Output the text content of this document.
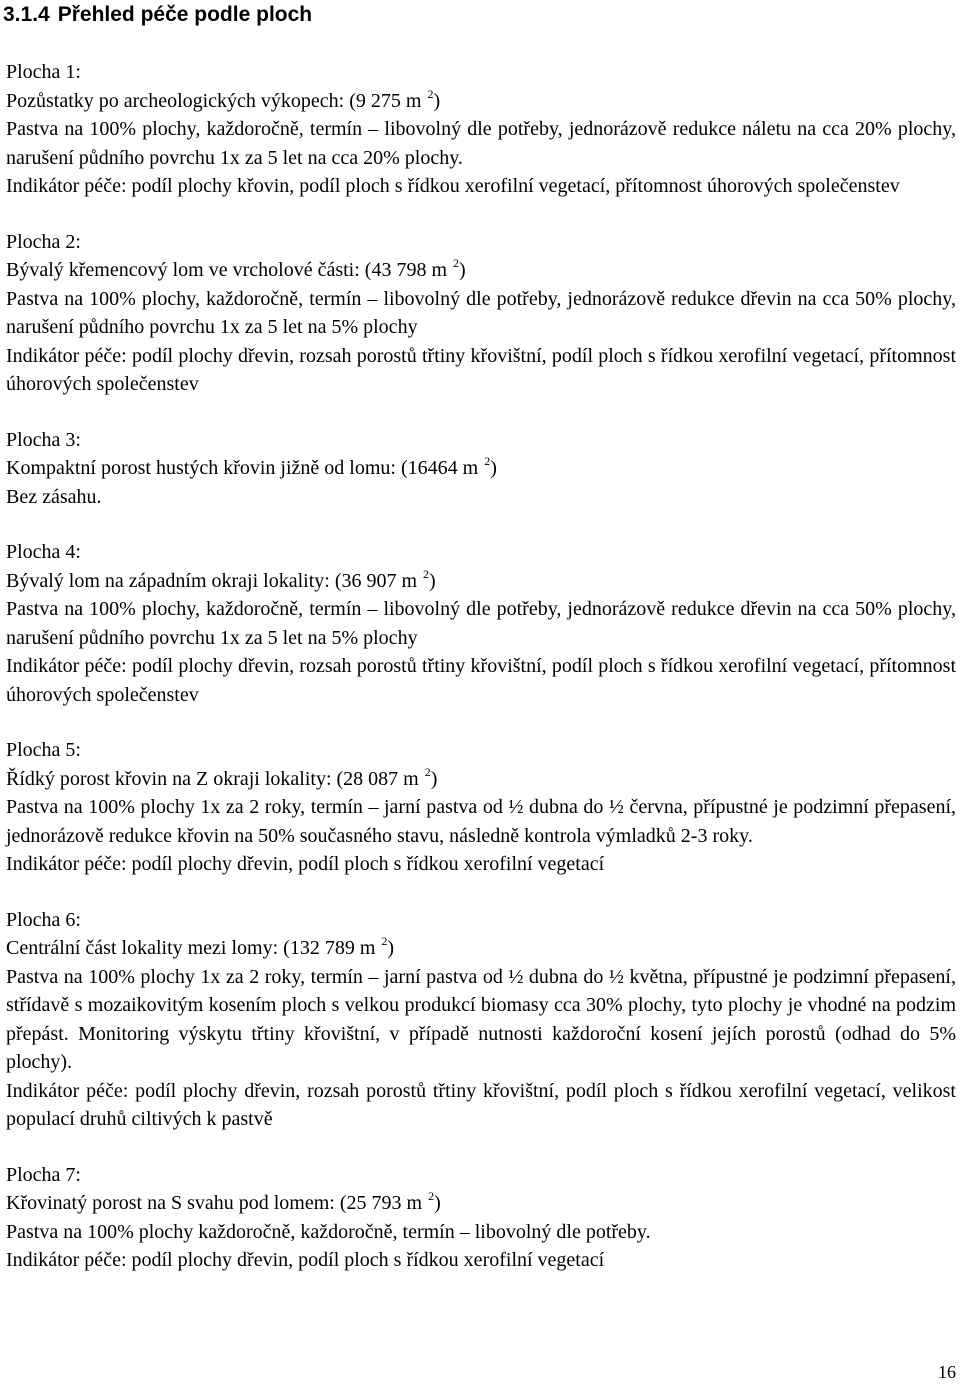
3.1.4 Přehled péče podle ploch
Plocha 1:
Pozůstatky po archeologických výkopech: (9 275 m $^2$)
Pastva na 100% plochy, každoročně, termín – libovolný dle potřeby, jednorázově redukce náletu na cca 20% plochy, narušení půdního povrchu 1x za 5 let na cca 20% plochy.
Indikátor péče: podíl plochy křovin, podíl ploch s řídkou xerofilní vegetací, přítomnost úhorových společenstev
Plocha 2:
Bývalý křemencový lom ve vrcholové části: (43 798 m $^2$)
Pastva na 100% plochy, každoročně, termín – libovolný dle potřeby, jednorázově redukce dřevin na cca 50% plochy, narušení půdního povrchu 1x za 5 let na 5% plochy
Indikátor péče: podíl plochy dřevin, rozsah porostů třtiny křovištní, podíl ploch s řídkou xerofilní vegetací, přítomnost úhorových společenstev
Plocha 3:
Kompaktní porost hustých křovin jižně od lomu: (16464 m $^2$)
Bez zásahu.
Plocha 4:
Bývalý lom na západním okraji lokality: (36 907 m $^2$)
Pastva na 100% plochy, každoročně, termín – libovolný dle potřeby, jednorázově redukce dřevin na cca 50% plochy, narušení půdního povrchu 1x za 5 let na 5% plochy
Indikátor péče: podíl plochy dřevin, rozsah porostů třtiny křovištní, podíl ploch s řídkou xerofilní vegetací, přítomnost úhorových společenstev
Plocha 5:
Řídký porost křovin na Z okraji lokality: (28 087 m $^2$)
Pastva na 100% plochy 1x za 2 roky, termín – jarní pastva od ½ dubna do ½ června, přípustné je podzimní přepasení, jednorázově redukce křovin na 50% současného stavu, následně kontrola výmladků 2-3 roky.
Indikátor péče: podíl plochy dřevin, podíl ploch s řídkou xerofilní vegetací
Plocha 6:
Centrální část lokality mezi lomy: (132 789 m $^2$)
Pastva na 100% plochy 1x za 2 roky, termín – jarní pastva od ½ dubna do ½ května, přípustné je podzimní přepasení, střídavě s mozaikovitým kosením ploch s velkou produkcí biomasy cca 30% plochy, tyto plochy je vhodné na podzim přepást. Monitoring výskytu třtiny křovištní, v případě nutnosti každoroční kosení jejích porostů (odhad do 5% plochy).
Indikátor péče: podíl plochy dřevin, rozsah porostů třtiny křovištní, podíl ploch s řídkou xerofilní vegetací, velikost populací druhů ciltivých k pastvě
Plocha 7:
Křovinatý porost na S svahu pod lomem: (25 793 m $^2$)
Pastva na 100% plochy každoročně, každoročně, termín – libovolný dle potřeby.
Indikátor péče: podíl plochy dřevin, podíl ploch s řídkou xerofilní vegetací
16
